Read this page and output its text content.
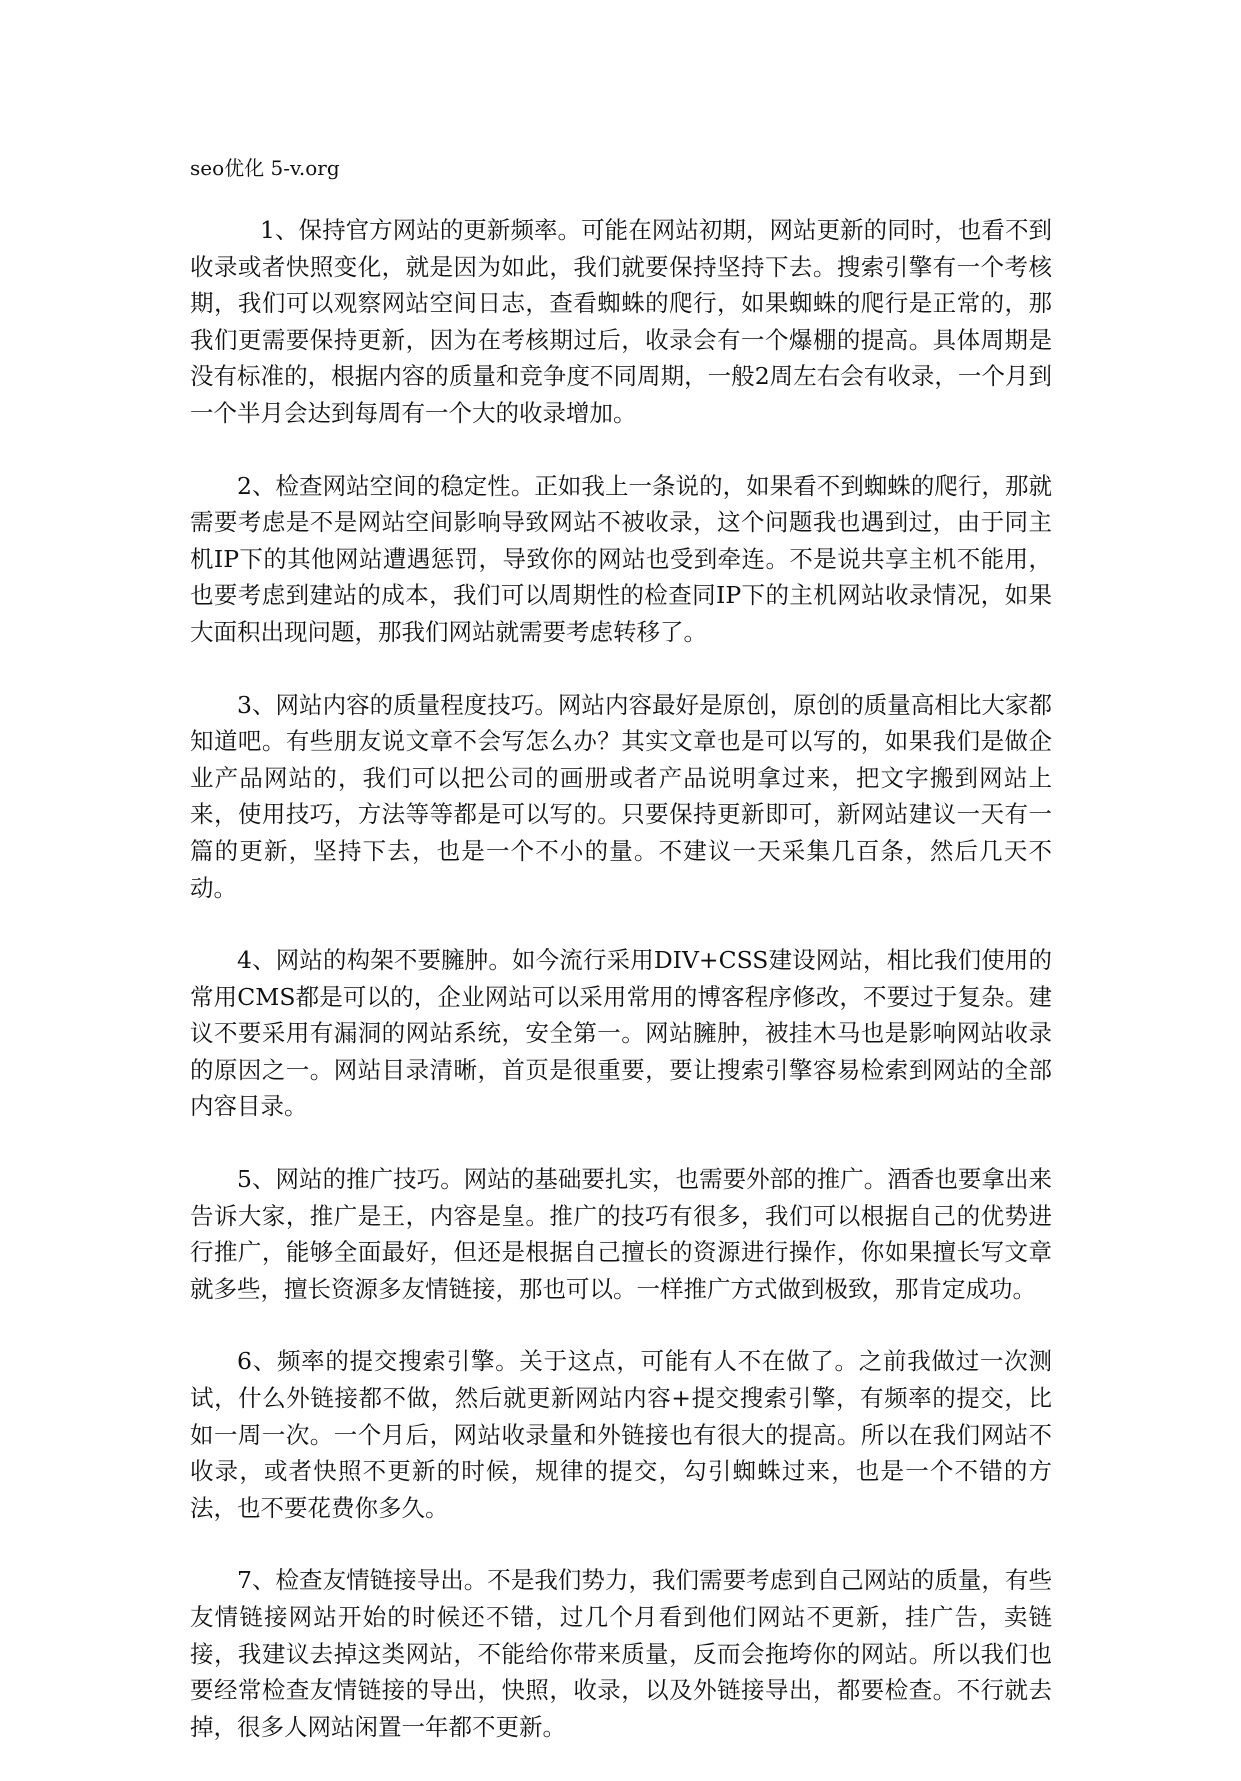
seo优化 5-v.org

1、保持官方网站的更新频率。可能在网站初期，网站更新的同时，也看不到收录或者快照变化，就是因为如此，我们就要保持坚持下去。搜索引擎有一个考核期，我们可以观察网站空间日志，查看蜘蛛的爬行，如果蜘蛛的爬行是正常的，那我们更需要保持更新，因为在考核期过后，收录会有一个爆棚的提高。具体周期是没有标准的，根据内容的质量和竞争度不同周期，一般2周左右会有收录，一个月到一个半月会达到每周有一个大的收录增加。

2、检查网站空间的稳定性。正如我上一条说的，如果看不到蜘蛛的爬行，那就需要考虑是不是网站空间影响导致网站不被收录，这个问题我也遇到过，由于同主机IP下的其他网站遭遇惩罚，导致你的网站也受到牵连。不是说共享主机不能用，也要考虑到建站的成本，我们可以周期性的检查同IP下的主机网站收录情况，如果大面积出现问题，那我们网站就需要考虑转移了。

3、网站内容的质量程度技巧。网站内容最好是原创，原创的质量高相比大家都知道吧。有些朋友说文章不会写怎么办？其实文章也是可以写的，如果我们是做企业产品网站的，我们可以把公司的画册或者产品说明拿过来，把文字搬到网站上来，使用技巧，方法等等都是可以写的。只要保持更新即可，新网站建议一天有一篇的更新，坚持下去，也是一个不小的量。不建议一天采集几百条，然后几天不动。

4、网站的构架不要臃肿。如今流行采用DIV+CSS建设网站，相比我们使用的常用CMS都是可以的，企业网站可以采用常用的博客程序修改，不要过于复杂。建议不要采用有漏洞的网站系统，安全第一。网站臃肿，被挂木马也是影响网站收录的原因之一。网站目录清晰，首页是很重要，要让搜索引擎容易检索到网站的全部内容目录。

5、网站的推广技巧。网站的基础要扎实，也需要外部的推广。酒香也要拿出来告诉大家，推广是王，内容是皇。推广的技巧有很多，我们可以根据自己的优势进行推广，能够全面最好，但还是根据自己擅长的资源进行操作，你如果擅长写文章就多些，擅长资源多友情链接，那也可以。一样推广方式做到极致，那肯定成功。

6、频率的提交搜索引擎。关于这点，可能有人不在做了。之前我做过一次测试，什么外链接都不做，然后就更新网站内容+提交搜索引擎，有频率的提交，比如一周一次。一个月后，网站收录量和外链接也有很大的提高。所以在我们网站不收录，或者快照不更新的时候，规律的提交，勾引蜘蛛过来，也是一个不错的方法，也不要花费你多久。

7、检查友情链接导出。不是我们势力，我们需要考虑到自己网站的质量，有些友情链接网站开始的时候还不错，过几个月看到他们网站不更新，挂广告，卖链接，我建议去掉这类网站，不能给你带来质量，反而会拖垮你的网站。所以我们也要经常检查友情链接的导出，快照，收录，以及外链接导出，都要检查。不行就去掉，很多人网站闲置一年都不更新。
